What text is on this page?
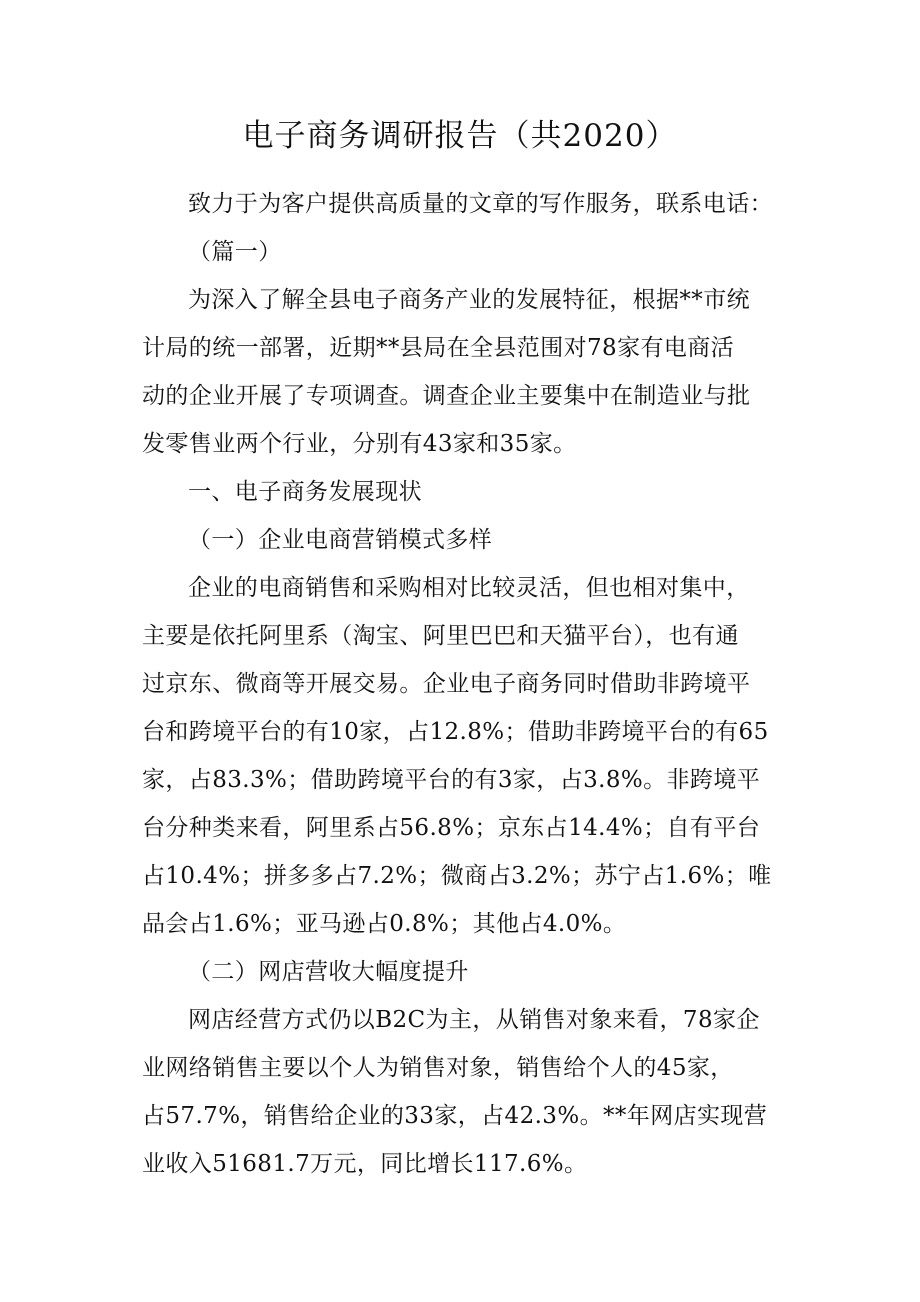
电子商务调研报告（共2020）

致力于为客户提供高质量的文章的写作服务，联系电话：

（篇一）

为深入了解全县电子商务产业的发展特征，根据**市统
计局的统一部署，近期**县局在全县范围对78家有电商活
动的企业开展了专项调查。调查企业主要集中在制造业与批
发零售业两个行业，分别有43家和35家。

一、电子商务发展现状

（一）企业电商营销模式多样

企业的电商销售和采购相对比较灵活，但也相对集中，
主要是依托阿里系（淘宝、阿里巴巴和天猫平台），也有通
过京东、微商等开展交易。企业电子商务同时借助非跨境平
台和跨境平台的有10家，占12.8%；借助非跨境平台的有65
家，占83.3%；借助跨境平台的有3家，占3.8%。非跨境平
台分种类来看，阿里系占56.8%；京东占14.4%；自有平台
占10.4%；拼多多占7.2%；微商占3.2%；苏宁占1.6%；唯
品会占1.6%；亚马逊占0.8%；其他占4.0%。

（二）网店营收大幅度提升

网店经营方式仍以B2C为主，从销售对象来看，78家企
业网络销售主要以个人为销售对象，销售给个人的45家，
占57.7%，销售给企业的33家，占42.3%。**年网店实现营
业收入51681.7万元，同比增长117.6%。
